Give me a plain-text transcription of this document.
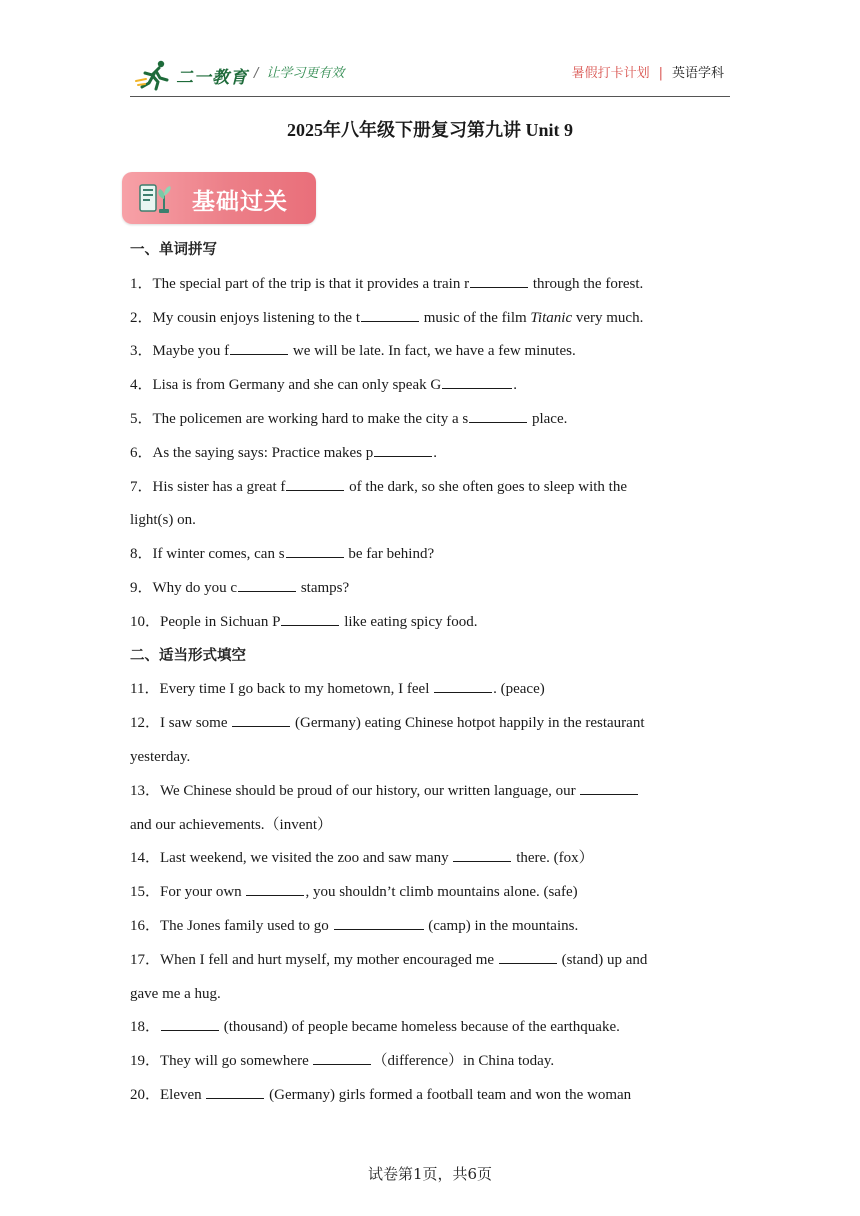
二一教育 / 让学习更有效	暑假打卡计划 | 英语学科
2025年八年级下册复习第九讲 Unit 9
基础过关
一、单词拼写
1．The special part of the trip is that it provides a train r	through the forest.
2．My cousin enjoys listening to the t	music of the film Titanic very much.
3．Maybe you f	we will be late. In fact, we have a few minutes.
4．Lisa is from Germany and she can only speak G	.
5．The policemen are working hard to make the city a s	place.
6．As the saying says: Practice makes p	.
7．His sister has a great f	of the dark, so she often goes to sleep with the
light(s) on.
8．If winter comes, can s	be far behind?
9．Why do you c	stamps?
10．People in Sichuan P	like eating spicy food.
二、适当形式填空
11．Every time I go back to my hometown, I feel	. (peace)
12．I saw some	(Germany) eating Chinese hotpot happily in the restaurant
yesterday.
13．We Chinese should be proud of our history, our written language, our
and our achievements.（invent）
14．Last weekend, we visited the zoo and saw many	there. (fox）
15．For your own	, you shouldn’t climb mountains alone. (safe)
16．The Jones family used to go	(camp) in the mountains.
17．When I fell and hurt myself, my mother encouraged me	(stand) up and
gave me a hug.
18．	(thousand) of people became homeless because of the earthquake.
19．They will go somewhere	（difference）in China today.
20．Eleven	(Germany) girls formed a football team and won the woman
试卷第1页，共6页
